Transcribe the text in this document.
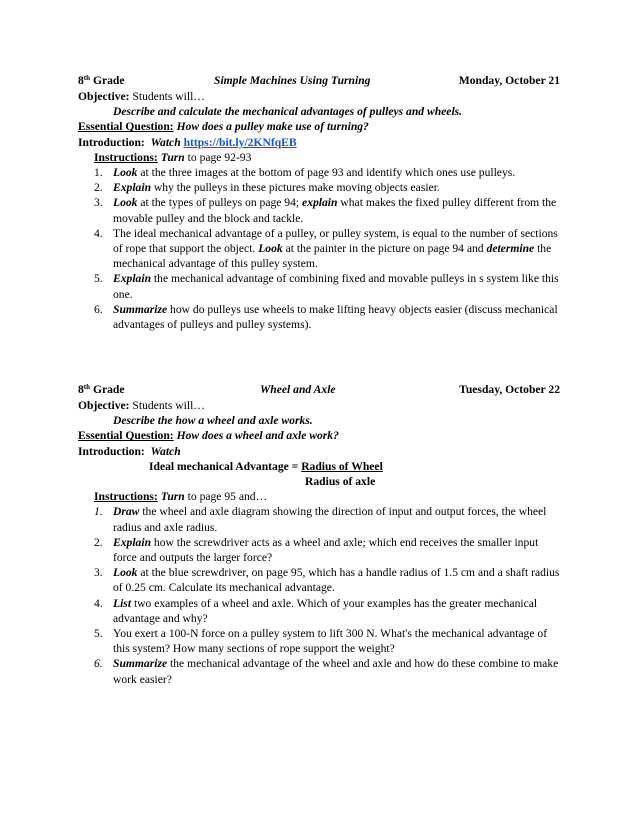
8th Grade	Simple Machines Using Turning	Monday, October 21
Objective: Students will…
Describe and calculate the mechanical advantages of pulleys and wheels.
Essential Question: How does a pulley make use of turning?
Introduction: Watch https://bit.ly/2KNfqEB
Instructions: Turn to page 92-93
1. Look at the three images at the bottom of page 93 and identify which ones use pulleys.
2. Explain why the pulleys in these pictures make moving objects easier.
3. Look at the types of pulleys on page 94; explain what makes the fixed pulley different from the movable pulley and the block and tackle.
4. The ideal mechanical advantage of a pulley, or pulley system, is equal to the number of sections of rope that support the object. Look at the painter in the picture on page 94 and determine the mechanical advantage of this pulley system.
5. Explain the mechanical advantage of combining fixed and movable pulleys in s system like this one.
6. Summarize how do pulleys use wheels to make lifting heavy objects easier (discuss mechanical advantages of pulleys and pulley systems).
8th Grade	Wheel and Axle	Tuesday, October 22
Objective: Students will…
Describe the how a wheel and axle works.
Essential Question: How does a wheel and axle work?
Introduction: Watch
Ideal mechanical Advantage = Radius of Wheel
Radius of axle
Instructions: Turn to page 95 and…
1. Draw the wheel and axle diagram showing the direction of input and output forces, the wheel radius and axle radius.
2. Explain how the screwdriver acts as a wheel and axle; which end receives the smaller input force and outputs the larger force?
3. Look at the blue screwdriver, on page 95, which has a handle radius of 1.5 cm and a shaft radius of 0.25 cm. Calculate its mechanical advantage.
4. List two examples of a wheel and axle. Which of your examples has the greater mechanical advantage and why?
5. You exert a 100-N force on a pulley system to lift 300 N. What's the mechanical advantage of this system? How many sections of rope support the weight?
6. Summarize the mechanical advantage of the wheel and axle and how do these combine to make work easier?
